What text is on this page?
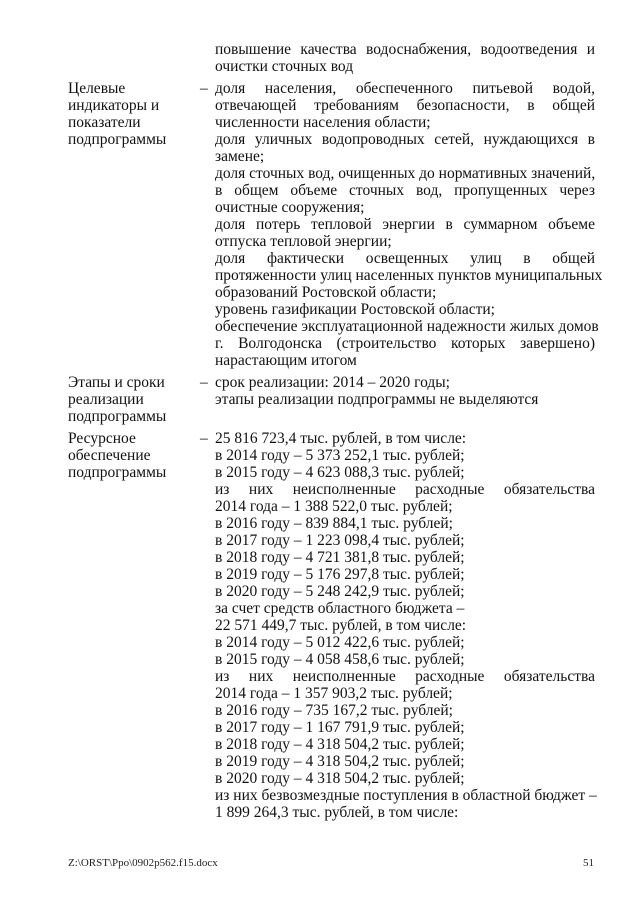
повышение качества водоснабжения, водоотведения и
очистки сточных вод
Целевые
индикаторы и
показатели
подпрограммы
– доля населения, обеспеченного питьевой водой,
отвечающей требованиям безопасности, в общей
численности населения области;
доля уличных водопроводных сетей, нуждающихся в
замене;
доля сточных вод, очищенных до нормативных значений,
в общем объеме сточных вод, пропущенных через
очистные сооружения;
доля потерь тепловой энергии в суммарном объеме
отпуска тепловой энергии;
доля фактически освещенных улиц в общей
протяженности улиц населенных пунктов муниципальных
образований Ростовской области;
уровень газификации Ростовской области;
обеспечение эксплуатационной надежности жилых домов
г. Волгодонска (строительство которых завершено)
нарастающим итогом
Этапы и сроки
реализации
подпрограммы
– срок реализации: 2014 – 2020 годы;
этапы реализации подпрограммы не выделяются
Ресурсное
обеспечение
подпрограммы
– 25 816 723,4 тыс. рублей, в том числе:
в 2014 году – 5 373 252,1 тыс. рублей;
в 2015 году – 4 623 088,3 тыс. рублей;
из них неисполненные расходные обязательства
2014 года – 1 388 522,0 тыс. рублей;
в 2016 году – 839 884,1 тыс. рублей;
в 2017 году – 1 223 098,4 тыс. рублей;
в 2018 году – 4 721 381,8 тыс. рублей;
в 2019 году – 5 176 297,8 тыс. рублей;
в 2020 году – 5 248 242,9 тыс. рублей;
за счет средств областного бюджета –
22 571 449,7 тыс. рублей, в том числе:
в 2014 году – 5 012 422,6 тыс. рублей;
в 2015 году – 4 058 458,6 тыс. рублей;
из них неисполненные расходные обязательства
2014 года – 1 357 903,2 тыс. рублей;
в 2016 году – 735 167,2 тыс. рублей;
в 2017 году – 1 167 791,9 тыс. рублей;
в 2018 году – 4 318 504,2 тыс. рублей;
в 2019 году – 4 318 504,2 тыс. рублей;
в 2020 году – 4 318 504,2 тыс. рублей;
из них безвозмездные поступления в областной бюджет –
1 899 264,3 тыс. рублей, в том числе:
Z:\ORST\Ppo\0902p562.f15.docx	51
